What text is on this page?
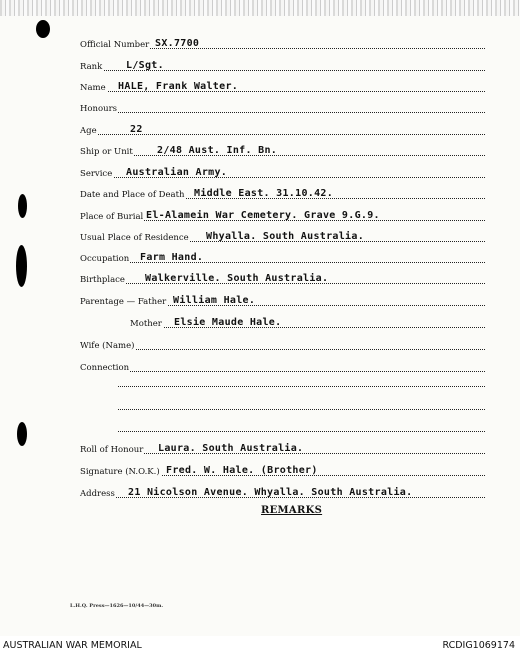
Official Number SX.7700
Rank L/Sgt.
Name HALE, Frank Walter.
Honours
Age	22
Ship or Unit 2/48 Aust. Inf. Bn.
Service Australian Army.
Date and Place of Death Middle East. 31.10.42.
Place of Burial El-Alamein War Cemetery. Grave 9.G.9.
Usual Place of Residence Whyalla. South Australia.
Occupation Farm Hand.
Birthplace Walkerville. South Australia.
Parentage — Father William Hale.
Mother Elsie Maude Hale.
Wife (Name)
Connection
Roll of Honour Laura. South Australia.
Signature (N.O.K.) Fred. W. Hale. (Brother)
Address 21 Nicolson Avenue. Whyalla. South Australia.
REMARKS
L.H.Q. Press—1626—10/44—30m.
AUSTRALIAN WAR MEMORIAL	RCDIG1069174
